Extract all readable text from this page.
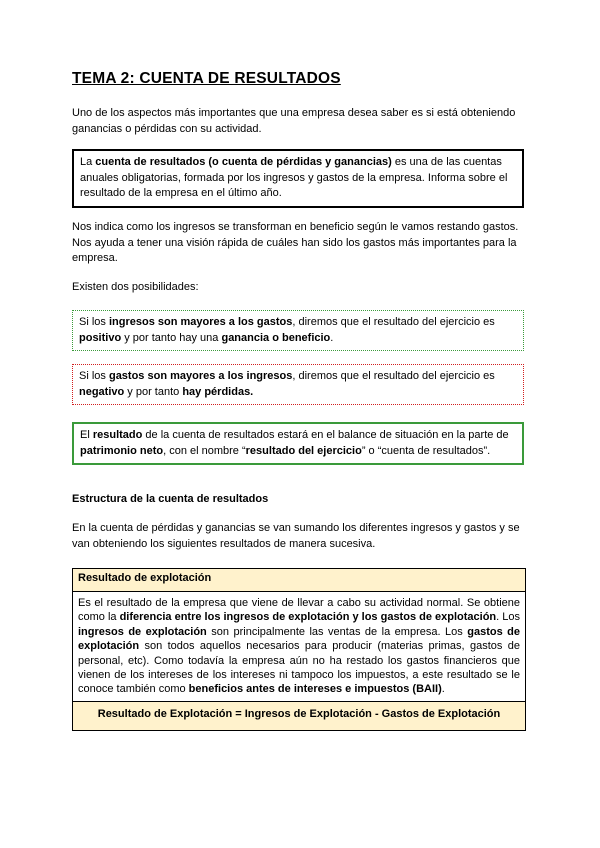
TEMA 2: CUENTA DE RESULTADOS
Uno de los aspectos más importantes que una empresa desea saber es si está obteniendo ganancias o pérdidas con su actividad.
La cuenta de resultados (o cuenta de pérdidas y ganancias) es una de las cuentas anuales obligatorias, formada por los ingresos y gastos de la empresa. Informa sobre el resultado de la empresa en el último año.
Nos indica como los ingresos se transforman en beneficio según le vamos restando gastos. Nos ayuda a tener una visión rápida de cuáles han sido los gastos más importantes para la empresa.
Existen dos posibilidades:
Si los ingresos son mayores a los gastos, diremos que el resultado del ejercicio es positivo y por tanto hay una ganancia o beneficio.
Si los gastos son mayores a los ingresos, diremos que el resultado del ejercicio es negativo y por tanto hay pérdidas.
El resultado de la cuenta de resultados estará en el balance de situación en la parte de patrimonio neto, con el nombre “resultado del ejercicio” o “cuenta de resultados”.
Estructura de la cuenta de resultados
En la cuenta de pérdidas y ganancias se van sumando los diferentes ingresos y gastos y se van obteniendo los siguientes resultados de manera sucesiva.
Resultado de explotación
Es el resultado de la empresa que viene de llevar a cabo su actividad normal. Se obtiene como la diferencia entre los ingresos de explotación y los gastos de explotación. Los ingresos de explotación son principalmente las ventas de la empresa. Los gastos de explotación son todos aquellos necesarios para producir (materias primas, gastos de personal, etc). Como todavía la empresa aún no ha restado los gastos financieros que vienen de los intereses de los intereses ni tampoco los impuestos, a este resultado se le conoce también como beneficios antes de intereses e impuestos (BAII).
Resultado de Explotación = Ingresos de Explotación - Gastos de Explotación
